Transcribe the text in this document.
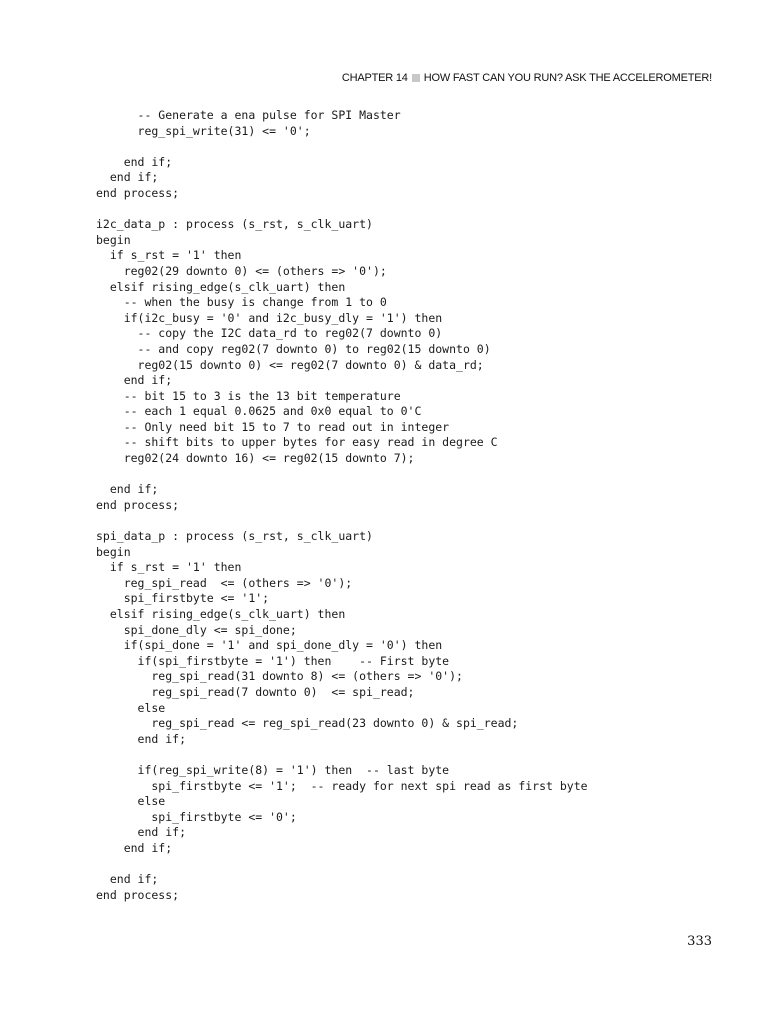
CHAPTER 14 HOW FAST CAN YOU RUN? ASK THE ACCELEROMETER!
-- Generate a ena pulse for SPI Master
reg_spi_write(31) <= '0';
end if;
end if;
end process;
i2c_data_p : process (s_rst, s_clk_uart)
begin
if s_rst = '1' then
reg02(29 downto 0) <= (others => '0');
elsif rising_edge(s_clk_uart) then
-- when the busy is change from 1 to 0
if(i2c_busy = '0' and i2c_busy_dly = '1') then
-- copy the I2C data_rd to reg02(7 downto 0)
-- and copy reg02(7 downto 0) to reg02(15 downto 0)
reg02(15 downto 0) <= reg02(7 downto 0) & data_rd;
end if;
-- bit 15 to 3 is the 13 bit temperature
-- each 1 equal 0.0625 and 0x0 equal to 0'C
-- Only need bit 15 to 7 to read out in integer
-- shift bits to upper bytes for easy read in degree C
reg02(24 downto 16) <= reg02(15 downto 7);
end if;
end process;
spi_data_p : process (s_rst, s_clk_uart)
begin
if s_rst = '1' then
reg_spi_read  <= (others => '0');
spi_firstbyte <= '1';
elsif rising_edge(s_clk_uart) then
spi_done_dly <= spi_done;
if(spi_done = '1' and spi_done_dly = '0') then
if(spi_firstbyte = '1') then    -- First byte
reg_spi_read(31 downto 8) <= (others => '0');
reg_spi_read(7 downto 0)  <= spi_read;
else
reg_spi_read <= reg_spi_read(23 downto 0) & spi_read;
end if;
if(reg_spi_write(8) = '1') then  -- last byte
spi_firstbyte <= '1';  -- ready for next spi read as first byte
else
spi_firstbyte <= '0';
end if;
end if;
end if;
end process;
333
